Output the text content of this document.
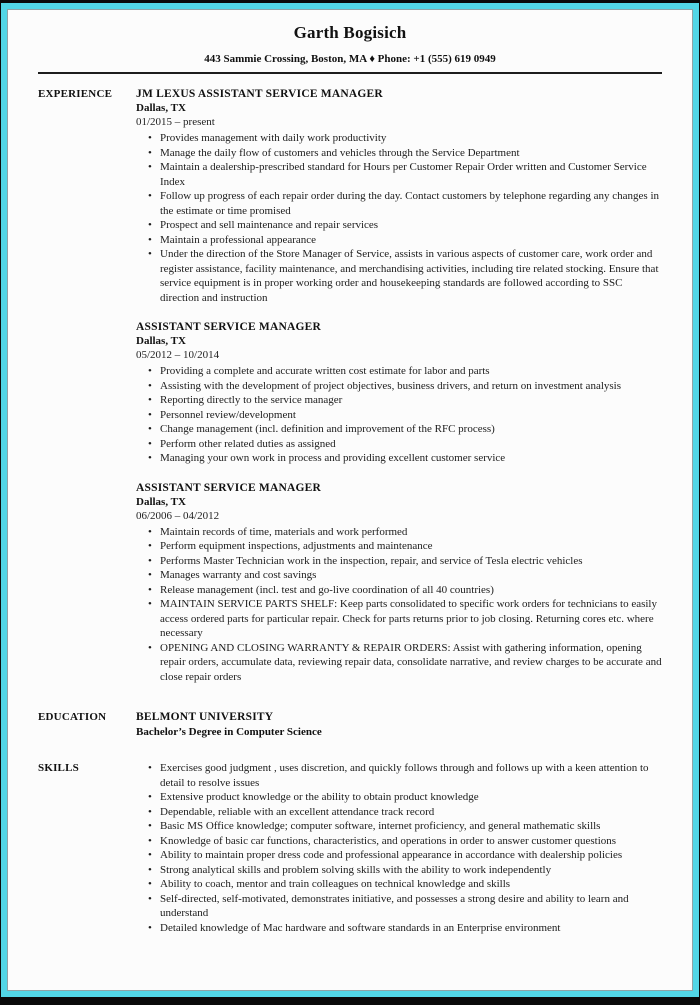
Garth Bogisich
443 Sammie Crossing, Boston, MA ♦ Phone: +1 (555) 619 0949
EXPERIENCE	JM LEXUS ASSISTANT SERVICE MANAGER
Dallas, TX
01/2015 – present
• Provides management with daily work productivity
• Manage the daily flow of customers and vehicles through the Service Department
• Maintain a dealership-prescribed standard for Hours per Customer Repair Order written and Customer Service Index
• Follow up progress of each repair order during the day. Contact customers by telephone regarding any changes in the estimate or time promised
• Prospect and sell maintenance and repair services
• Maintain a professional appearance
• Under the direction of the Store Manager of Service, assists in various aspects of customer care, work order and register assistance, facility maintenance, and merchandising activities, including tire related stocking. Ensure that service equipment is in proper working order and housekeeping standards are followed according to SSC direction and instruction
ASSISTANT SERVICE MANAGER
Dallas, TX
05/2012 – 10/2014
• Providing a complete and accurate written cost estimate for labor and parts
• Assisting with the development of project objectives, business drivers, and return on investment analysis
• Reporting directly to the service manager
• Personnel review/development
• Change management (incl. definition and improvement of the RFC process)
• Perform other related duties as assigned
• Managing your own work in process and providing excellent customer service
ASSISTANT SERVICE MANAGER
Dallas, TX
06/2006 – 04/2012
• Maintain records of time, materials and work performed
• Perform equipment inspections, adjustments and maintenance
• Performs Master Technician work in the inspection, repair, and service of Tesla electric vehicles
• Manages warranty and cost savings
• Release management (incl. test and go-live coordination of all 40 countries)
• MAINTAIN SERVICE PARTS SHELF: Keep parts consolidated to specific work orders for technicians to easily access ordered parts for particular repair. Check for parts returns prior to job closing. Returning cores etc. where necessary
• OPENING AND CLOSING WARRANTY & REPAIR ORDERS: Assist with gathering information, opening repair orders, accumulate data, reviewing repair data, consolidate narrative, and review charges to be accurate and close repair orders
EDUCATION	BELMONT UNIVERSITY
Bachelor’s Degree in Computer Science
SKILLS	• Exercises good judgment , uses discretion, and quickly follows through and follows up with a keen attention to detail to resolve issues
• Extensive product knowledge or the ability to obtain product knowledge
• Dependable, reliable with an excellent attendance track record
• Basic MS Office knowledge; computer software, internet proficiency, and general mathematic skills
• Knowledge of basic car functions, characteristics, and operations in order to answer customer questions
• Ability to maintain proper dress code and professional appearance in accordance with dealership policies
• Strong analytical skills and problem solving skills with the ability to work independently
• Ability to coach, mentor and train colleagues on technical knowledge and skills
• Self-directed, self-motivated, demonstrates initiative, and possesses a strong desire and ability to learn and understand
• Detailed knowledge of Mac hardware and software standards in an Enterprise environment
